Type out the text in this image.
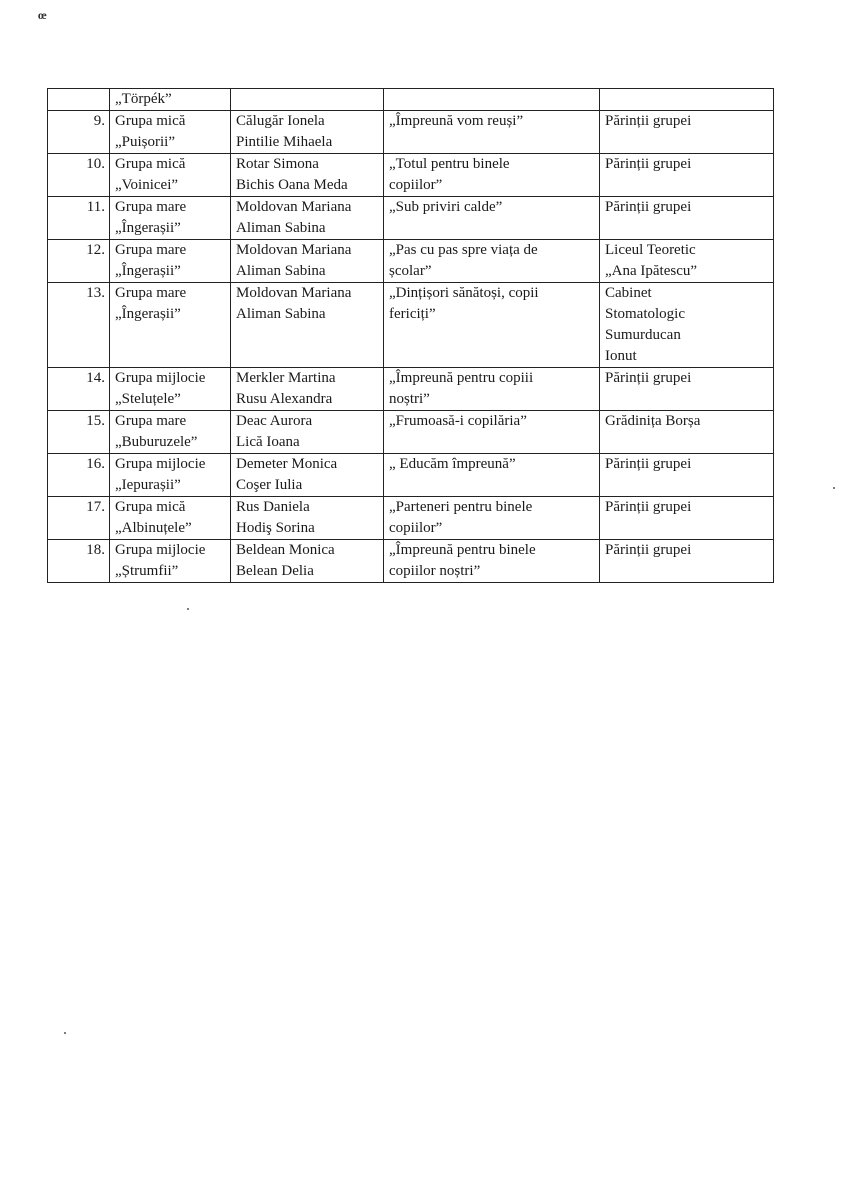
œ

	„Törpék”			

9.	Grupa mică
„Puișorii”	Călugăr Ionela
Pintilie Mihaela	„Împreună vom reuși”	Părinții grupei

10.	Grupa mică
„Voinicei”	Rotar Simona
Bichis Oana Meda	„Totul pentru binele
copiilor”	Părinții grupei

11.	Grupa mare
„Îngerașii”	Moldovan Mariana
Aliman Sabina	„Sub priviri calde”	Părinții grupei

12.	Grupa mare
„Îngerașii”	Moldovan Mariana
Aliman Sabina	„Pas cu pas spre viața de
școlar”	Liceul Teoretic
„Ana Ipătescu”

13.	Grupa mare
„Îngerașii”	Moldovan Mariana
Aliman Sabina	„Dințișori sănătoși, copii
fericiți”	Cabinet
Stomatologic
Sumurducan
Ionut

14.	Grupa mijlocie
„Steluțele”	Merkler Martina
Rusu Alexandra	„Împreună pentru copiii
noștri”	Părinții grupei

15.	Grupa mare
„Buburuzele”	Deac Aurora
Lică Ioana	„Frumoasă-i copilăria”	Grădinița Borșa

16.	Grupa mijlocie
„Iepurașii”	Demeter Monica
Coşer Iulia	„ Educăm împreună”	Părinții grupei

17.	Grupa mică
„Albinuțele”	Rus Daniela
Hodiş Sorina	„Parteneri pentru binele
copiilor”	Părinții grupei

18.	Grupa mijlocie
„Ștrumfii”	Beldean Monica
Belean Delia	„Împreună pentru binele
copiilor noștri”	Părinții grupei
